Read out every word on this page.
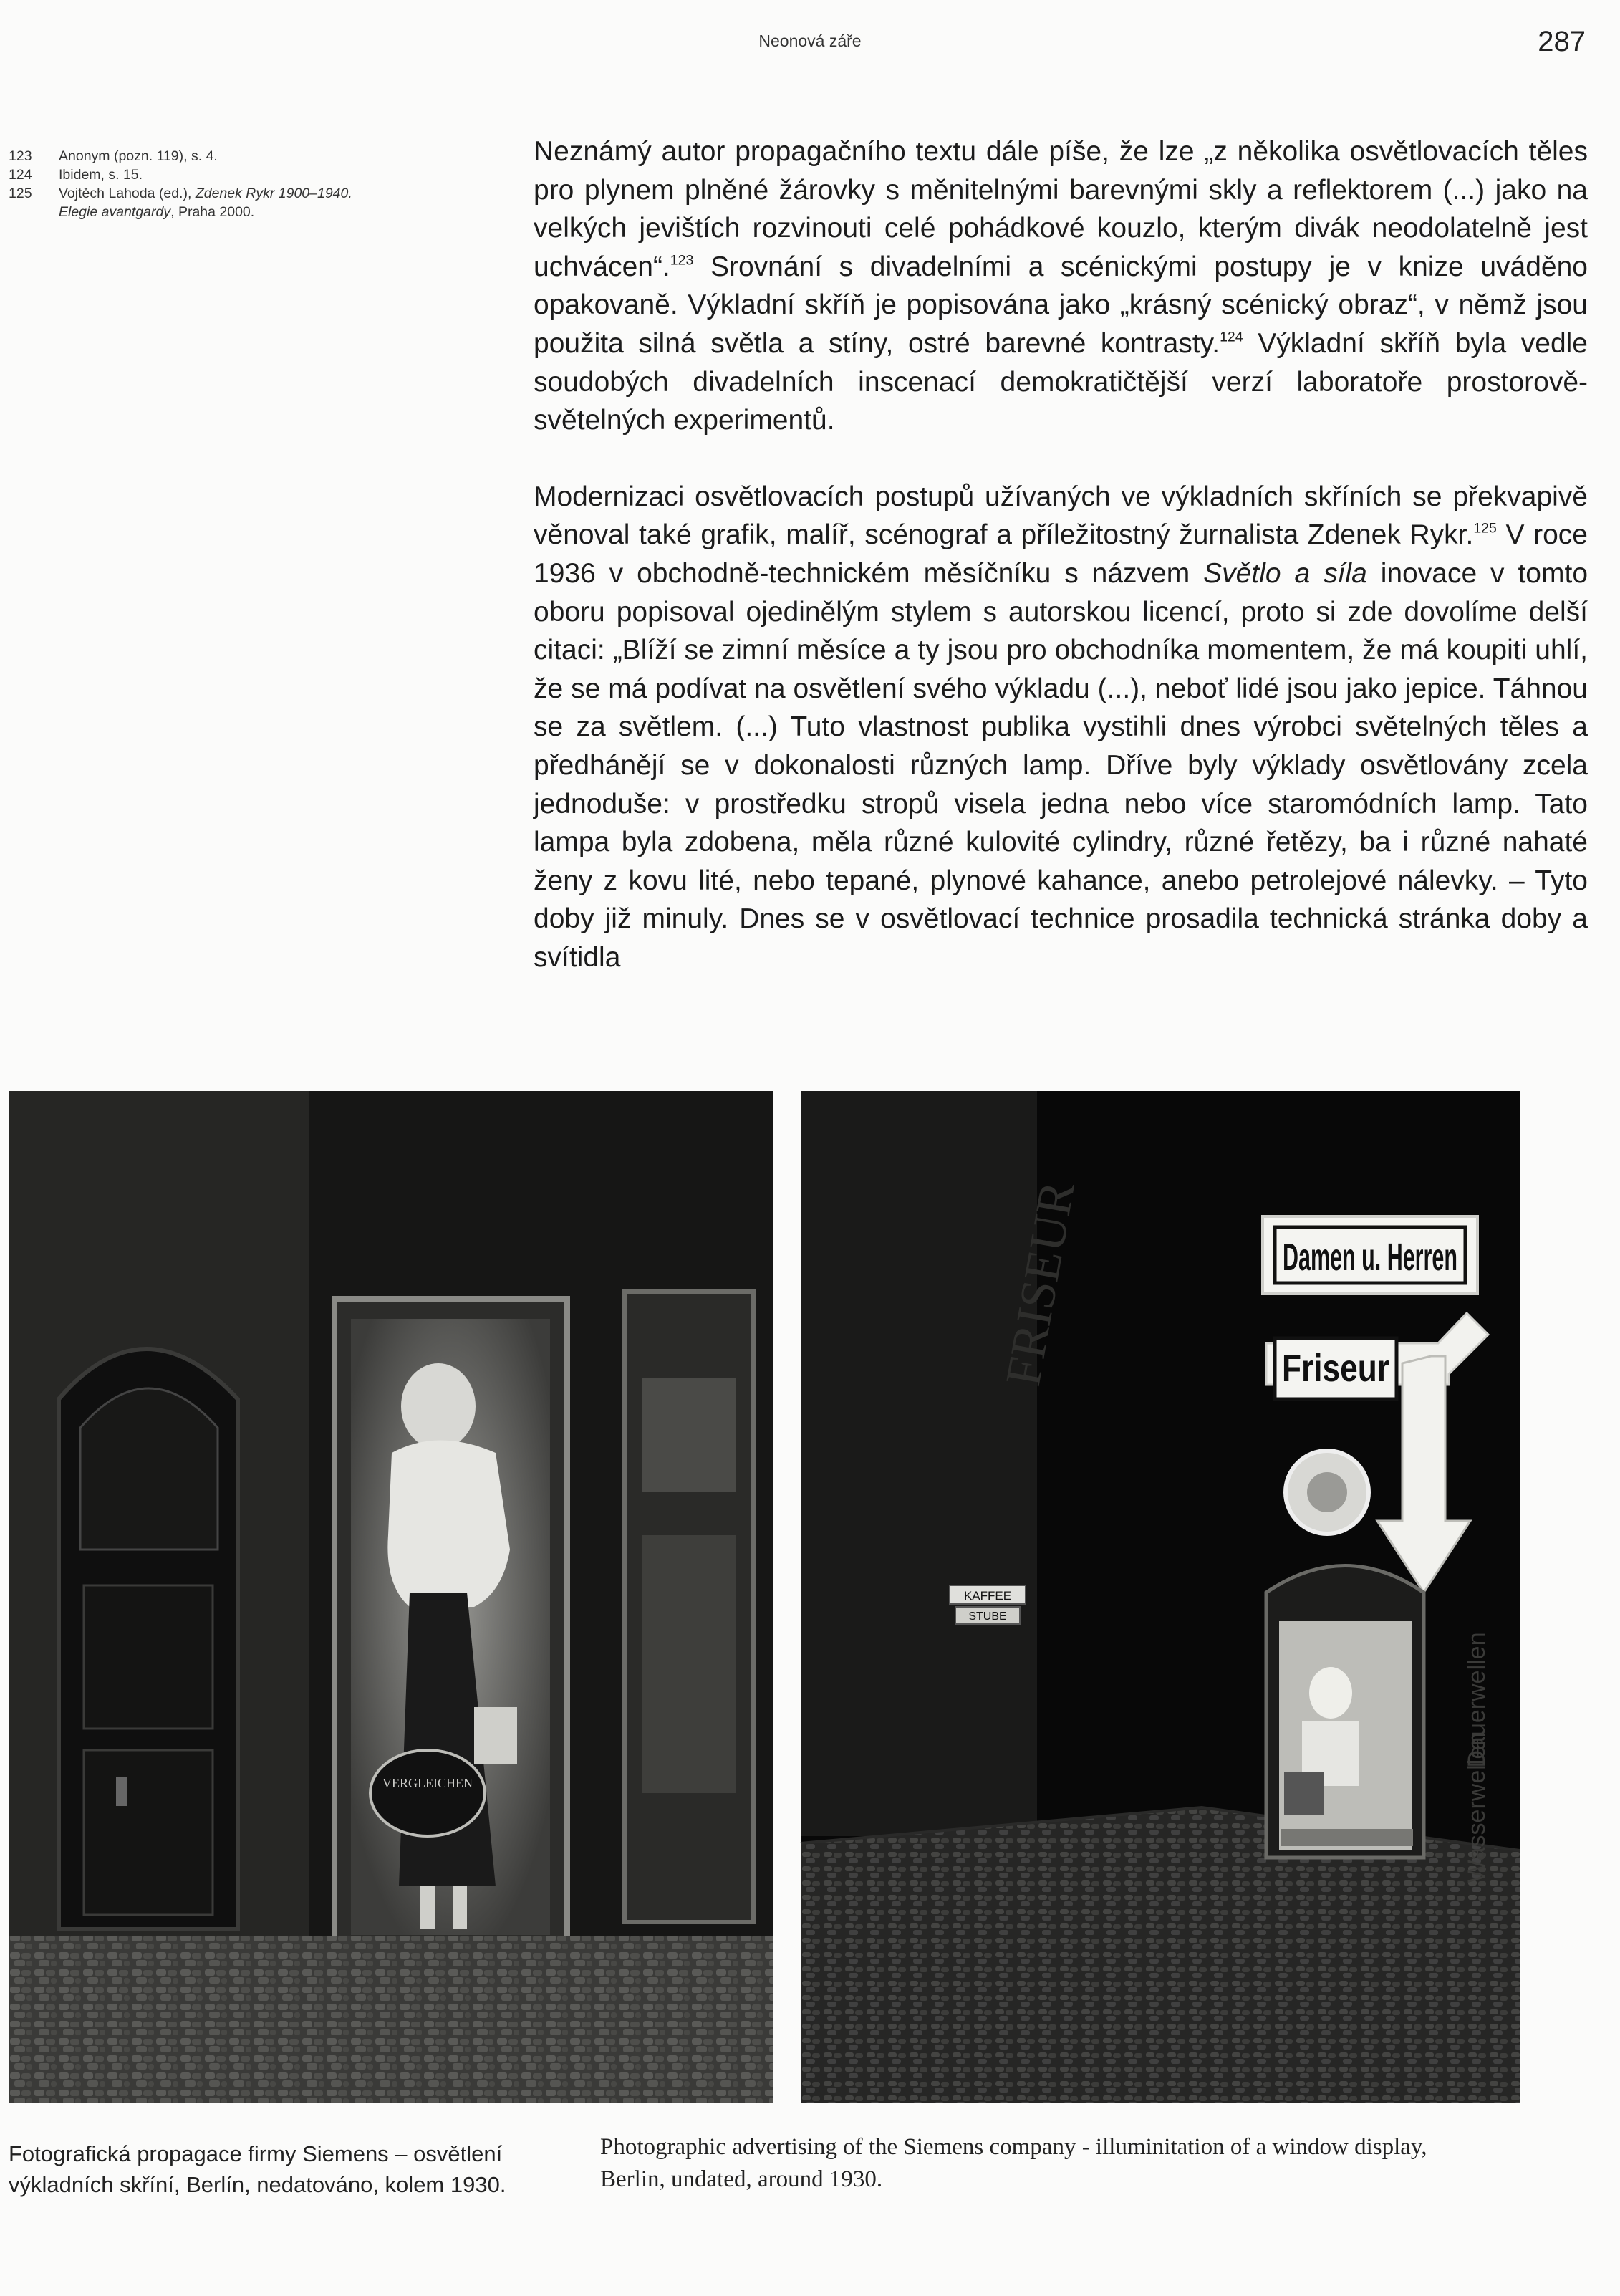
Neonová záře	287
123	Anonym (pozn. 119), s. 4.
124	Ibidem, s. 15.
125	Vojtěch Lahoda (ed.), Zdenek Rykr 1900–1940.
Elegie avantgardy, Praha 2000.

Neznámý autor propagačního textu dále píše, že lze „z několika osvětlovacích těles pro plynem plněné žárovky s měnitelnými barevnými skly a reflektorem (...) jako na velkých jevištích rozvinouti celé pohádkové kouzlo, kterým divák neodolatelně jest uchvácen“.$^{123}$ Srovnání s divadelními a scénickými postupy je v knize uváděno opakovaně. Výkladní skříň je popisována jako „krásný scénický obraz“, v němž jsou použita silná světla a stíny, ostré barevné kontrasty.$^{124}$ Výkladní skříň byla vedle soudobých divadelních inscenací demokratičtější verzí laboratoře prostorově-světelných experimentů.

Modernizaci osvětlovacích postupů užívaných ve výkladních skříních se překvapivě věnoval také grafik, malíř, scénograf a příležitostný žurnalista Zdenek Rykr.$^{125}$ V roce 1936 v obchodně-technickém měsíčníku s názvem Světlo a síla inovace v tomto oboru popisoval ojedinělým stylem s autorskou licencí, proto si zde dovolíme delší citaci: „Blíží se zimní měsíce a ty jsou pro obchodníka momentem, že má koupiti uhlí, že se má podívat na osvětlení svého výkladu (...), neboť lidé jsou jako jepice. Táhnou se za světlem. (...) Tuto vlastnost publika vystihli dnes výrobci světelných těles a předhánějí se v dokonalosti různých lamp. Dříve byly výklady osvětlovány zcela jednoduše: v prostředku stropů visela jedna nebo více staromódních lamp. Tato lampa byla zdobena, měla různé kulovité cylindry, různé řetězy, ba i různé nahaté ženy z kovu lité, nebo tepané, plynové kahance, anebo petrolejové nálevky. – Tyto doby již minuly. Dnes se v osvětlovací technice prosadila technická stránka doby a svítidla

VERGLEICHEN
FRISEUR
KAFFEE
STUBE
Damen u. Herren
Friseur
Dauerwellen
Wasserwellen
Fotografická propagace firmy Siemens – osvětlení výkladních skříní, Berlín, nedatováno, kolem 1930.
Photographic advertising of the Siemens company - illuminitation of a window display, Berlin, undated, around 1930.
